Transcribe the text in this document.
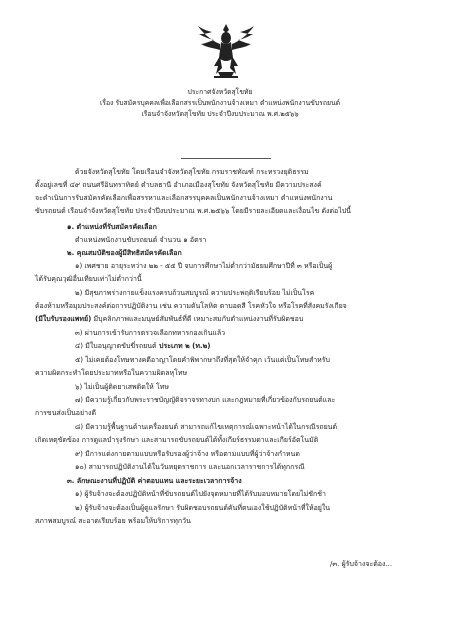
ประกาศจังหวัดสุโขทัย
เรื่อง รับสมัครบุคคลเพื่อเลือกสรรเป็นพนักงานจ้างเหมา ตำแหน่งพนักงานขับรถยนต์
เรือนจำจังหวัดสุโขทัย ประจำปีงบประมาณ พ.ศ.๒๕๖๖
ด้วยจังหวัดสุโขทัย โดยเรือนจำจังหวัดสุโขทัย กรมราชทัณฑ์ กระทรวงยุติธรรม
ตั้งอยู่เลขที่ ๔๙ ถนนศรีอินทราทิตย์ ตำบลธานี อำเภอเมืองสุโขทัย จังหวัดสุโขทัย มีความประสงค์
จะดำเนินการรับสมัครคัดเลือกเพื่อสรรหาและเลือกสรรบุคคลเป็นพนักงานจ้างเหมา ตำแหน่งพนักงาน
ขับรถยนต์ เรือนจำจังหวัดสุโขทัย ประจำปีงบประมาณ พ.ศ.๒๕๖๖ โดยมีรายละเอียดและเงื่อนไข ดังต่อไปนี้
๑. ตำแหน่งที่รับสมัครคัดเลือก
ตำแหน่งพนักงานขับรถยนต์ จำนวน ๑ อัตรา
๒. คุณสมบัติของผู้มีสิทธิสมัครคัดเลือก
๑) เพศชาย อายุระหว่าง ๒๒ - ๕๕ ปี จบการศึกษาไม่ต่ำกว่ามัธยมศึกษาปีที่ ๓ หรือเป็นผู้
ได้รับคุณวุฒิอื่นเทียบเท่าไม่ต่ำกว่านี้
๒) มีสุขภาพร่างกายแข็งแรงครบถ้วนสมบูรณ์ ความประพฤติเรียบร้อย ไม่เป็นโรค
ต้องห้ามหรือมุมประสงค์ต่อการปฏิบัติงาน เช่น ความดันโลหิต ตาบอดสี โรคหัวใจ หรือโรคที่สังคมรังเกียจ
(มีใบรับรองแพทย์) มีบุคลิกภาพและมนุษย์สัมพันธ์ที่ดี เหมาะสมกับตำแหน่งงานที่รับผิดชอบ
๓) ผ่านการเข้ารับการตรวจเลือกทหารกองเกินแล้ว
๔) มีใบอนุญาตขับขี่รถยนต์ ประเภท ๒ (ท.๒)
๕) ไม่เคยต้องโทษทางคดีอาญาโดยคำพิพากษาถึงที่สุดให้จำคุก เว้นแต่เป็นโทษสำหรับ
ความผิดกระทำโดยประมาทหรือในความผิดลหุโทษ
๖) ไม่เป็นผู้ติดยาเสพติดให้ โทษ
๗) มีความรู้เกี่ยวกับพระราชบัญญัติจราจรทางบก และกฎหมายที่เกี่ยวข้องกับรถยนต์และ
การขนส่งเป็นอย่างดี
๘) มีความรู้พื้นฐานด้านเครื่องยนต์ สามารถแก้ไขเหตุการณ์เฉพาะหน้าได้ในกรณีรถยนต์
เกิดเหตุขัดข้อง การดูแลบำรุงรักษา และสามารถขับรถยนต์ได้ทั้งเกียร์ธรรมดาและเกียร์อัตโนมัติ
๙) มีการแต่งกายตามแบบหรือรับรองผู้ว่าจ้าง หรือตามแบบที่ผู้ว่าจ้างกำหนด
๑๐) สามารถปฏิบัติงานได้ในวันหยุดราชการ และนอกเวลาราชการได้ทุกกรณี
๓. ลักษณะงานที่ปฏิบัติ ค่าตอบแทน และระยะเวลาการจ้าง
๑) ผู้รับจ้างจะต้องปฏิบัติหน้าที่ขับรถยนต์ไปยังจุดหมายที่ได้รับมอบหมายโดยไม่ชักช้า
๒) ผู้รับจ้างจะต้องเป็นผู้ดูแลรักษา รับผิดชอบรถยนต์คันที่ตนเองใช้ปฏิบัติหน้าที่ให้อยู่ใน
สภาพสมบูรณ์ สะอาดเรียบร้อย พร้อมให้บริการทุกวัน
/๓. ผู้รับจ้างจะต้อง...
